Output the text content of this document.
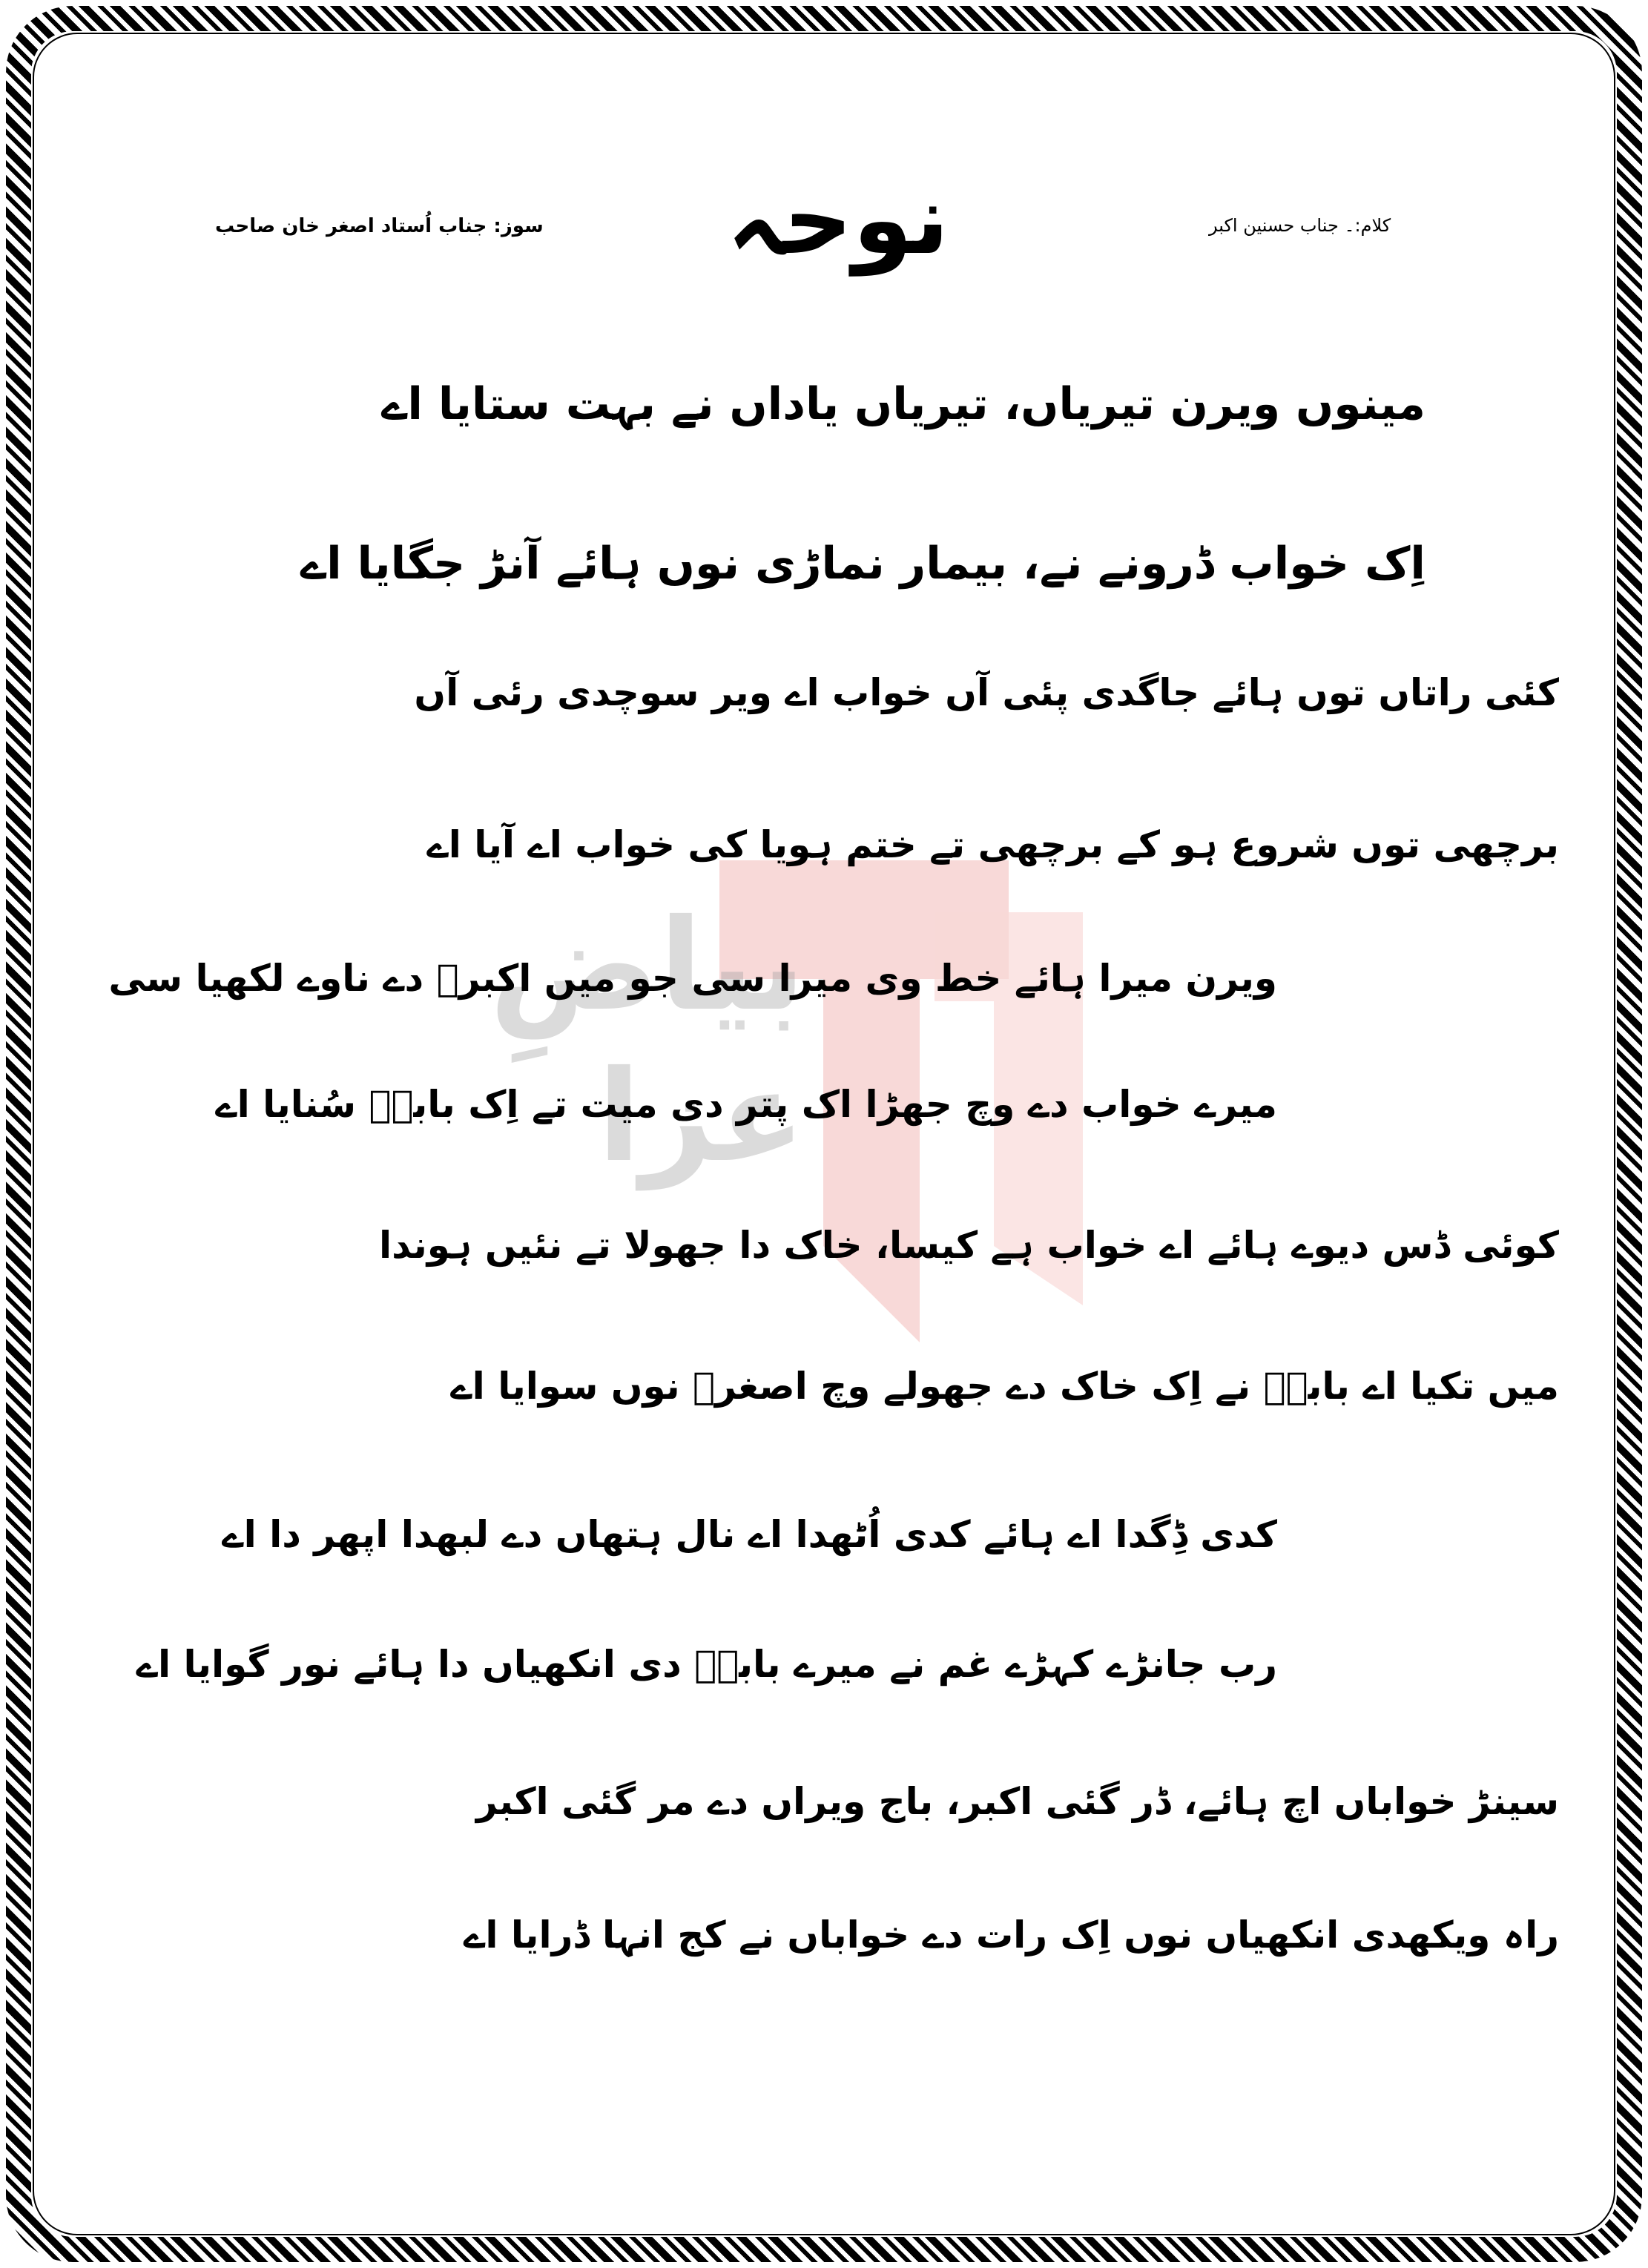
بیاضِ
عزا
کلام:۔ جناب حسنین اکبر
نوحہ
سوز: جناب اُستاد اصغر خان صاحب
مینوں ویرن تیریاں، تیریاں یاداں نے بہت ستایا اے
اِک خواب ڈرونے نے، بیمار نماڑی نوں ہائے آنڑ جگایا اے
کئی راتاں توں ہائے جاگدی پئی آں خواب اے ویر سوچدی رئی آں
برچھی توں شروع ہو کے برچھی تے ختم ہویا کی خواب اے آیا اے
ویرن میرا ہائے خط وی میرا سی جو میں اکبرؑ دے ناوے لکھیا سی
میرے خواب دے وچ جھڑا اک پتر دی میت تے اِک بابےؑ سُنایا اے
کوئی ڈس دیوے ہائے اے خواب ہے کیسا، خاک دا جھولا تے نئیں ہوندا
میں تکیا اے بابےؑ نے اِک خاک دے جھولے وچ اصغرؑ نوں سوایا اے
کدی ڈِگدا اے ہائے کدی اُٹھدا اے نال ہتھاں دے لبھدا اپھر دا اے
رب جانڑے کہڑے غم نے میرے بابےؑ دی انکھیاں دا ہائے نور گوایا اے
سینڑ خواباں اچ ہائے، ڈر گئی اکبر، باج ویراں دے مر گئی اکبر
راہ ویکھدی انکھیاں نوں اِک رات دے خواباں نے کج انہا ڈرایا اے
